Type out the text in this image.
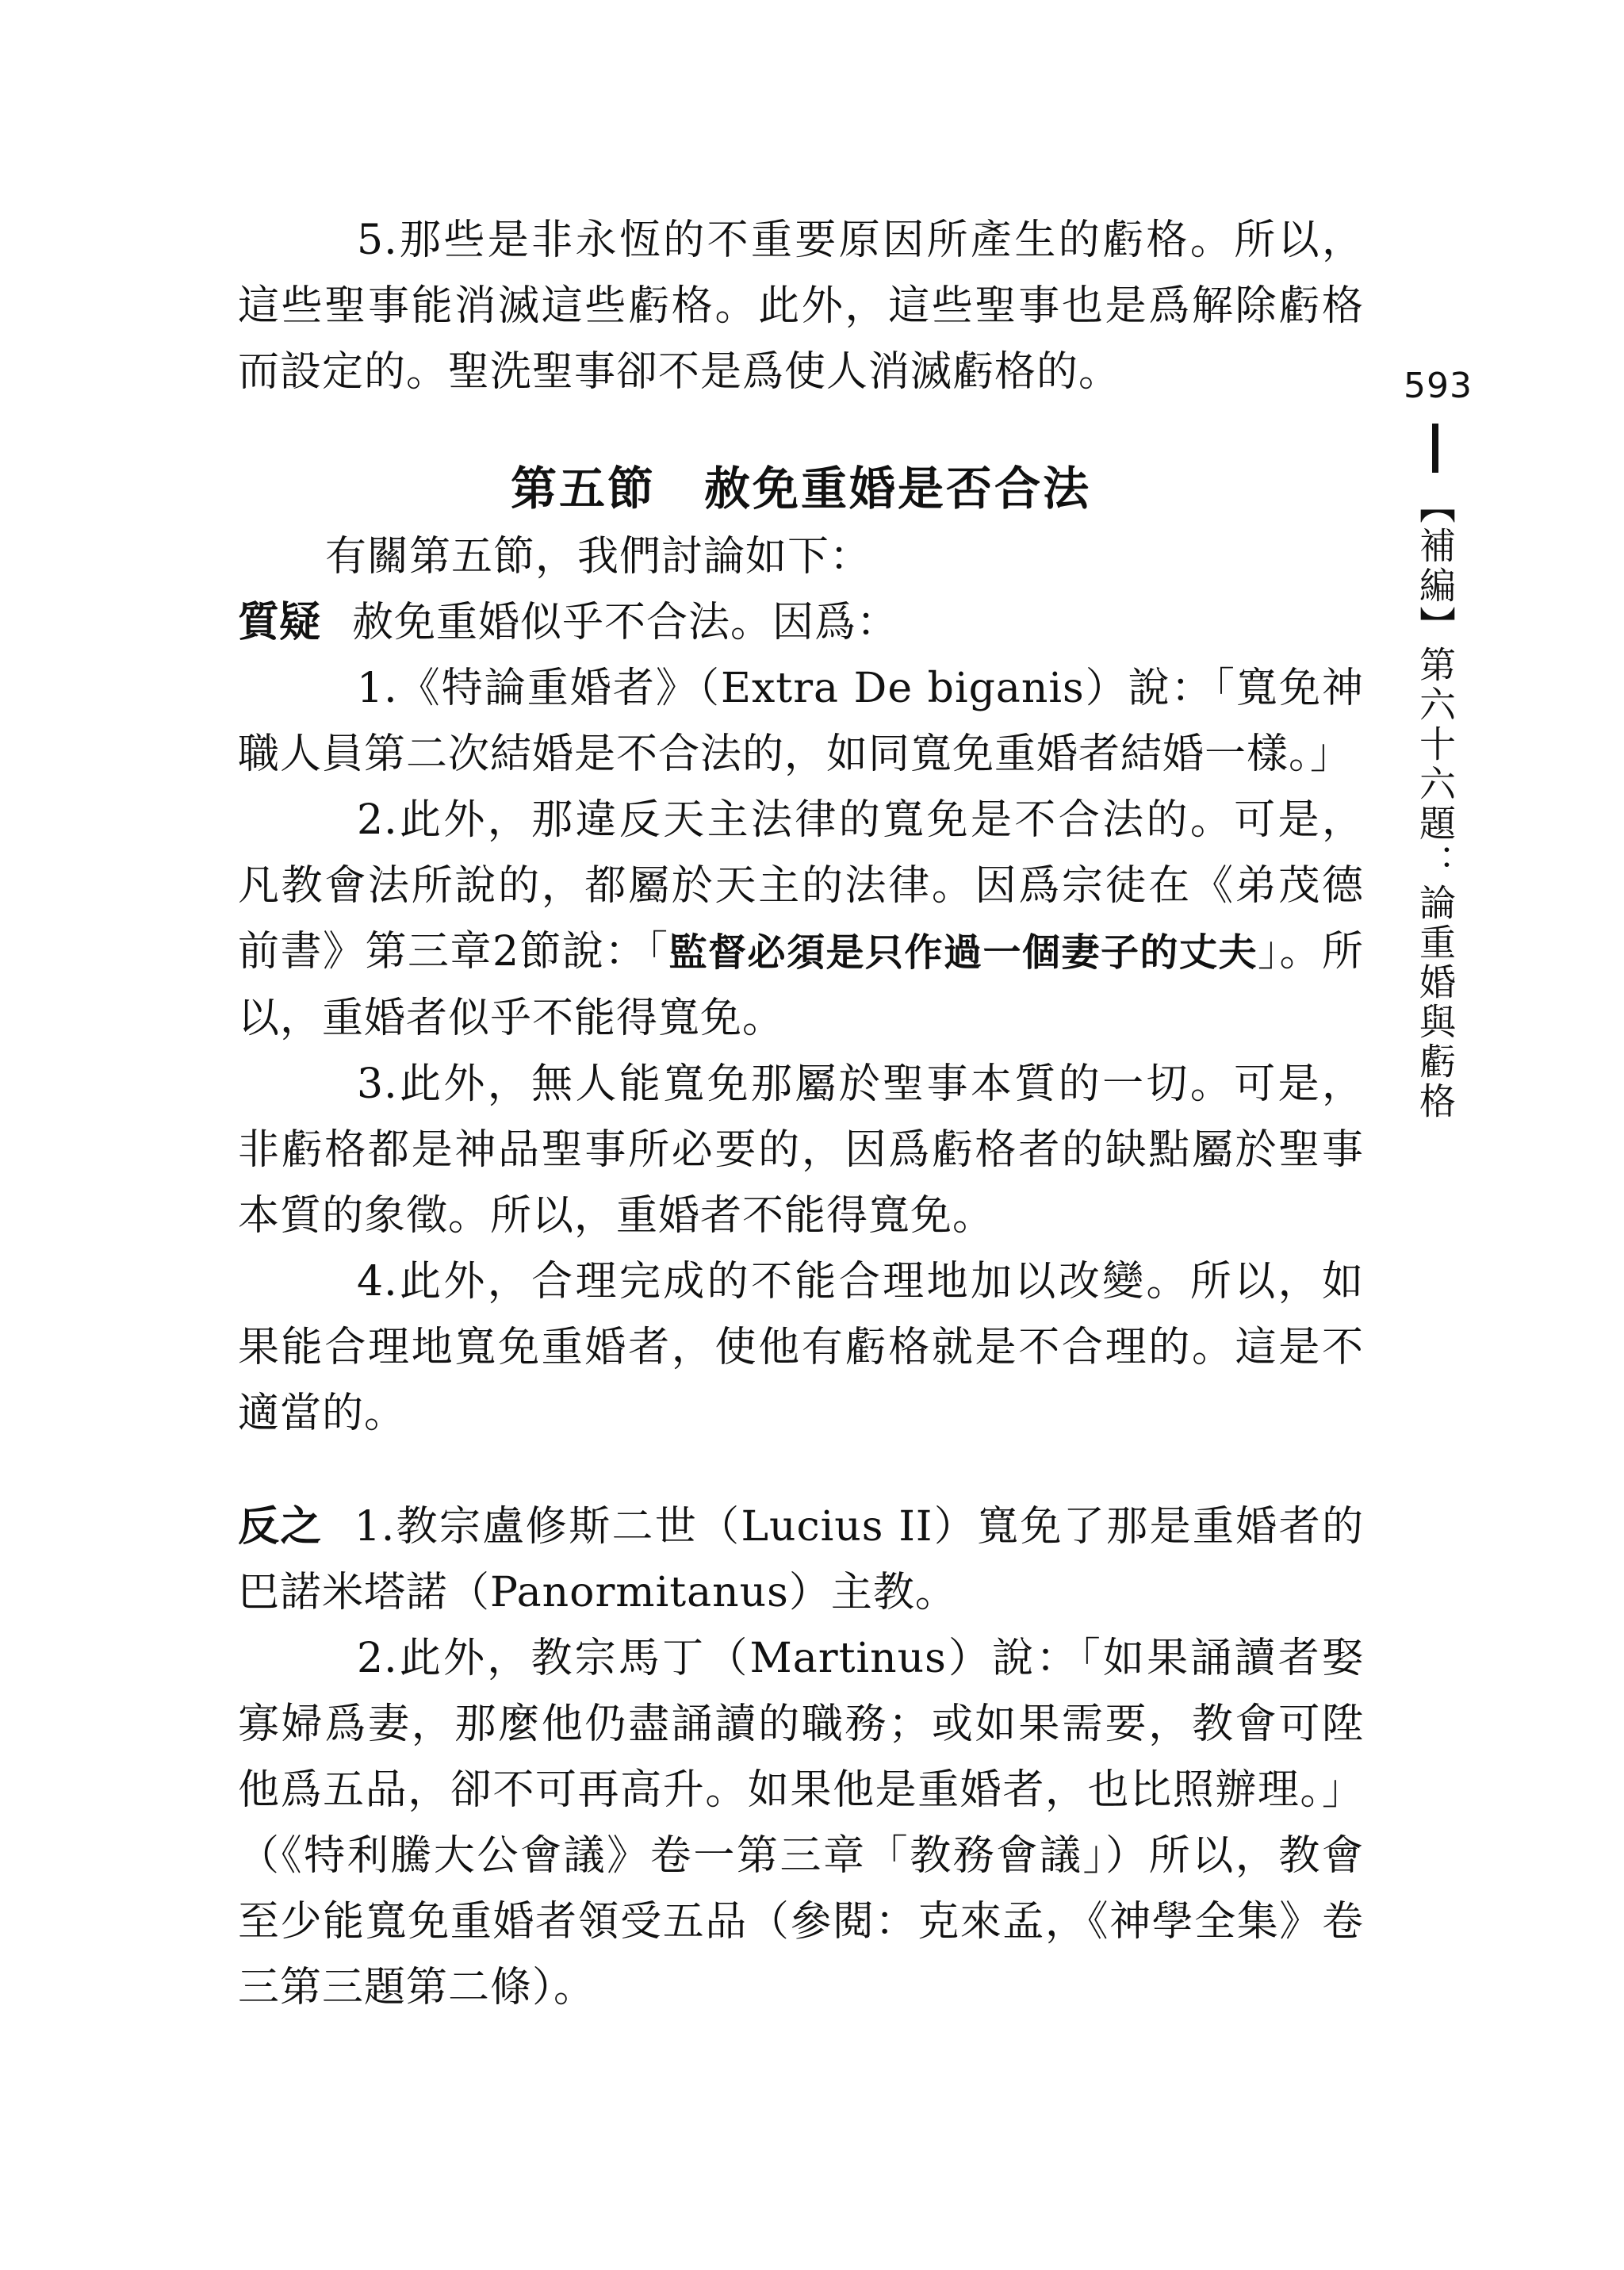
5.那些是非永恆的不重要原因所產生的虧格。所以，這些聖事能消滅這些虧格。此外，這些聖事也是爲解除虧格而設定的。聖洗聖事卻不是爲使人消滅虧格的。

第五節　赦免重婚是否合法

有關第五節，我們討論如下：

質疑 赦免重婚似乎不合法。因爲：

1.《特論重婚者》（Extra De biganis）說：「寬免神職人員第二次結婚是不合法的，如同寬免重婚者結婚一樣。」

2.此外，那違反天主法律的寬免是不合法的。可是，凡教會法所說的，都屬於天主的法律。因爲宗徒在《弟茂德前書》第三章2節說：「監督必須是只作過一個妻子的丈夫」。所以，重婚者似乎不能得寬免。

3.此外，無人能寬免那屬於聖事本質的一切。可是，非虧格都是神品聖事所必要的，因爲虧格者的缺點屬於聖事本質的象徵。所以，重婚者不能得寬免。

4.此外，合理完成的不能合理地加以改變。所以，如果能合理地寬免重婚者，使他有虧格就是不合理的。這是不適當的。

反之 1.教宗盧修斯二世（Lucius II）寬免了那是重婚者的巴諾米塔諾（Panormitanus）主教。

2.此外，教宗馬丁（Martinus）說：「如果誦讀者娶寡婦爲妻，那麼他仍盡誦讀的職務；或如果需要，教會可陞他爲五品，卻不可再高升。如果他是重婚者，也比照辦理。」（《特利騰大公會議》卷一第三章「教務會議」）所以，教會至少能寬免重婚者領受五品（參閱：克來孟，《神學全集》卷三第三題第二條）。

593
【補編】第六十六題：論重婚與虧格
